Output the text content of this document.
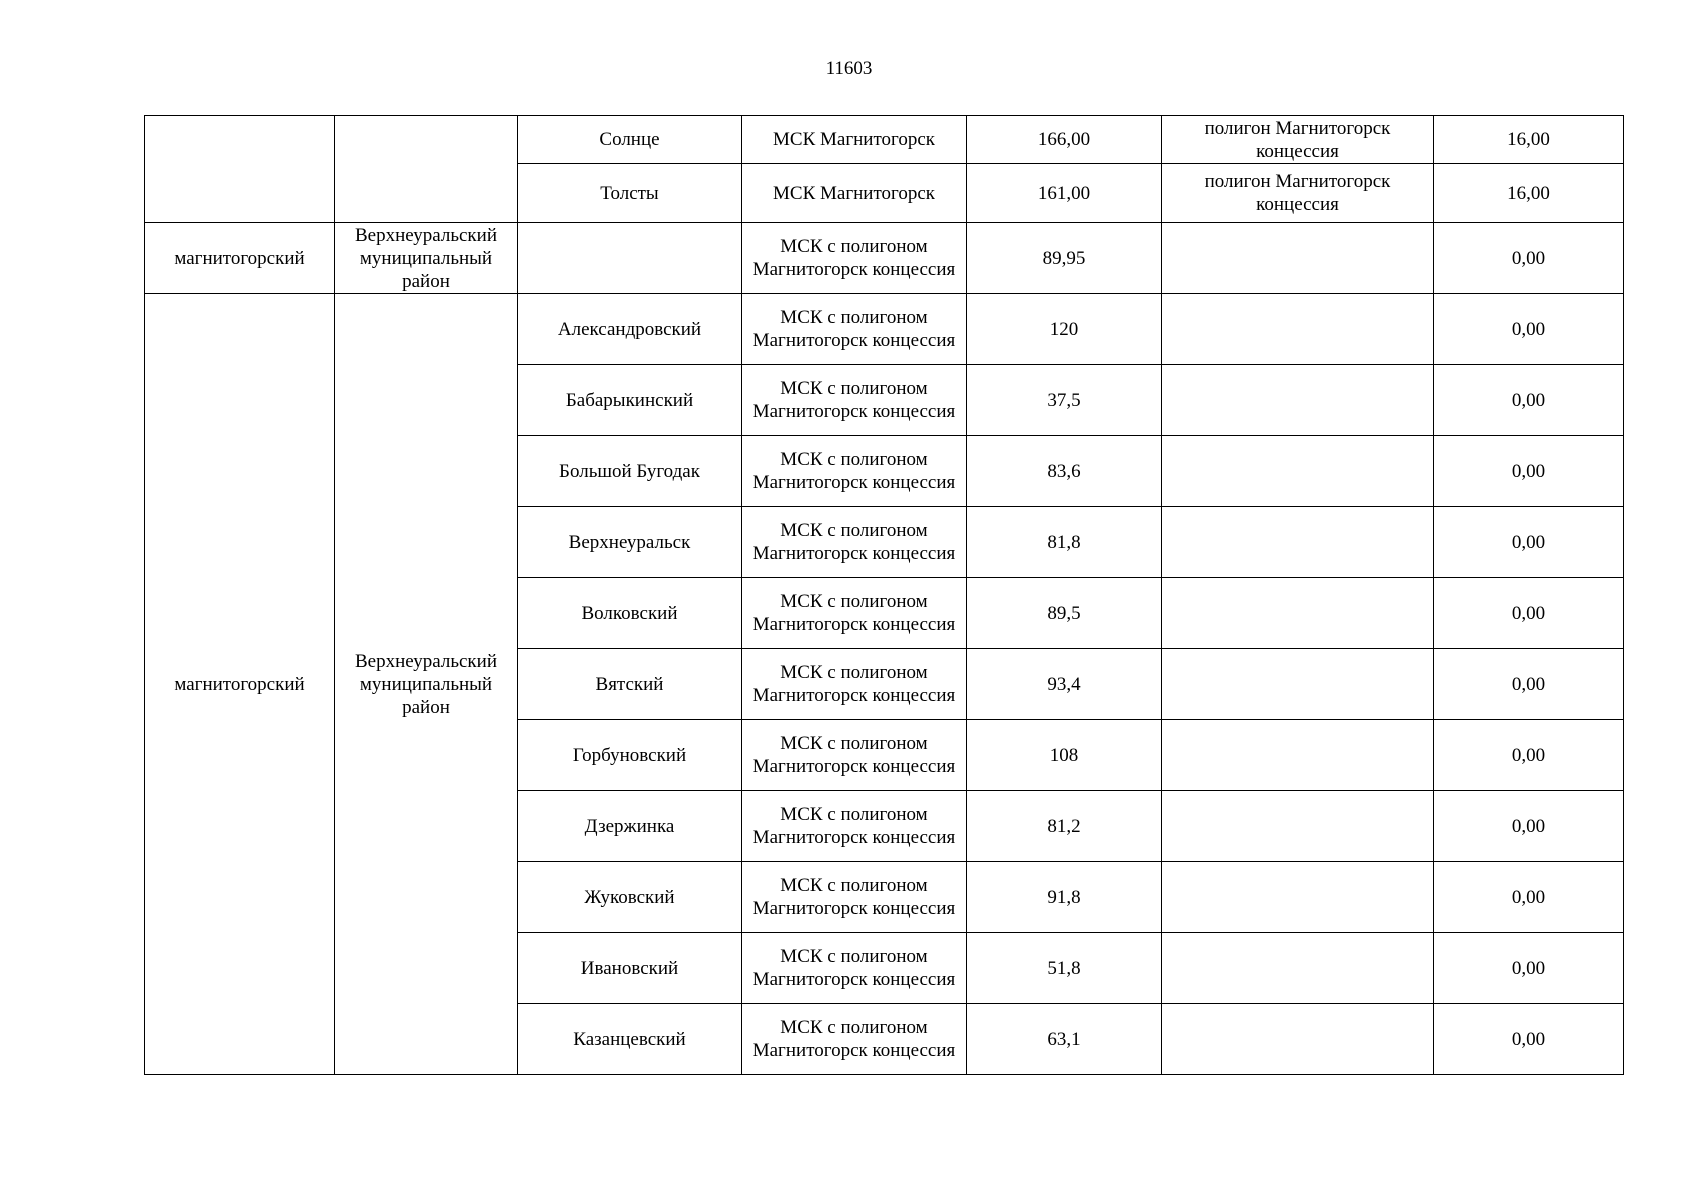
11603
		Солнце	МСК Магнитогорск	166,00	полигон Магнитогорск концессия	16,00
		Толсты	МСК Магнитогорск	161,00	полигон Магнитогорск концессия	16,00
магнитогорский	Верхнеуральский муниципальный район		МСК с полигоном Магнитогорск концессия	89,95		0,00
магнитогорский	Верхнеуральский муниципальный район	Александровский	МСК с полигоном Магнитогорск концессия	120		0,00
		Бабарыкинский	МСК с полигоном Магнитогорск концессия	37,5		0,00
		Большой Бугодак	МСК с полигоном Магнитогорск концессия	83,6		0,00
		Верхнеуральск	МСК с полигоном Магнитогорск концессия	81,8		0,00
		Волковский	МСК с полигоном Магнитогорск концессия	89,5		0,00
		Вятский	МСК с полигоном Магнитогорск концессия	93,4		0,00
		Горбуновский	МСК с полигоном Магнитогорск концессия	108		0,00
		Дзержинка	МСК с полигоном Магнитогорск концессия	81,2		0,00
		Жуковский	МСК с полигоном Магнитогорск концессия	91,8		0,00
		Ивановский	МСК с полигоном Магнитогорск концессия	51,8		0,00
		Казанцевский	МСК с полигоном Магнитогорск концессия	63,1		0,00
